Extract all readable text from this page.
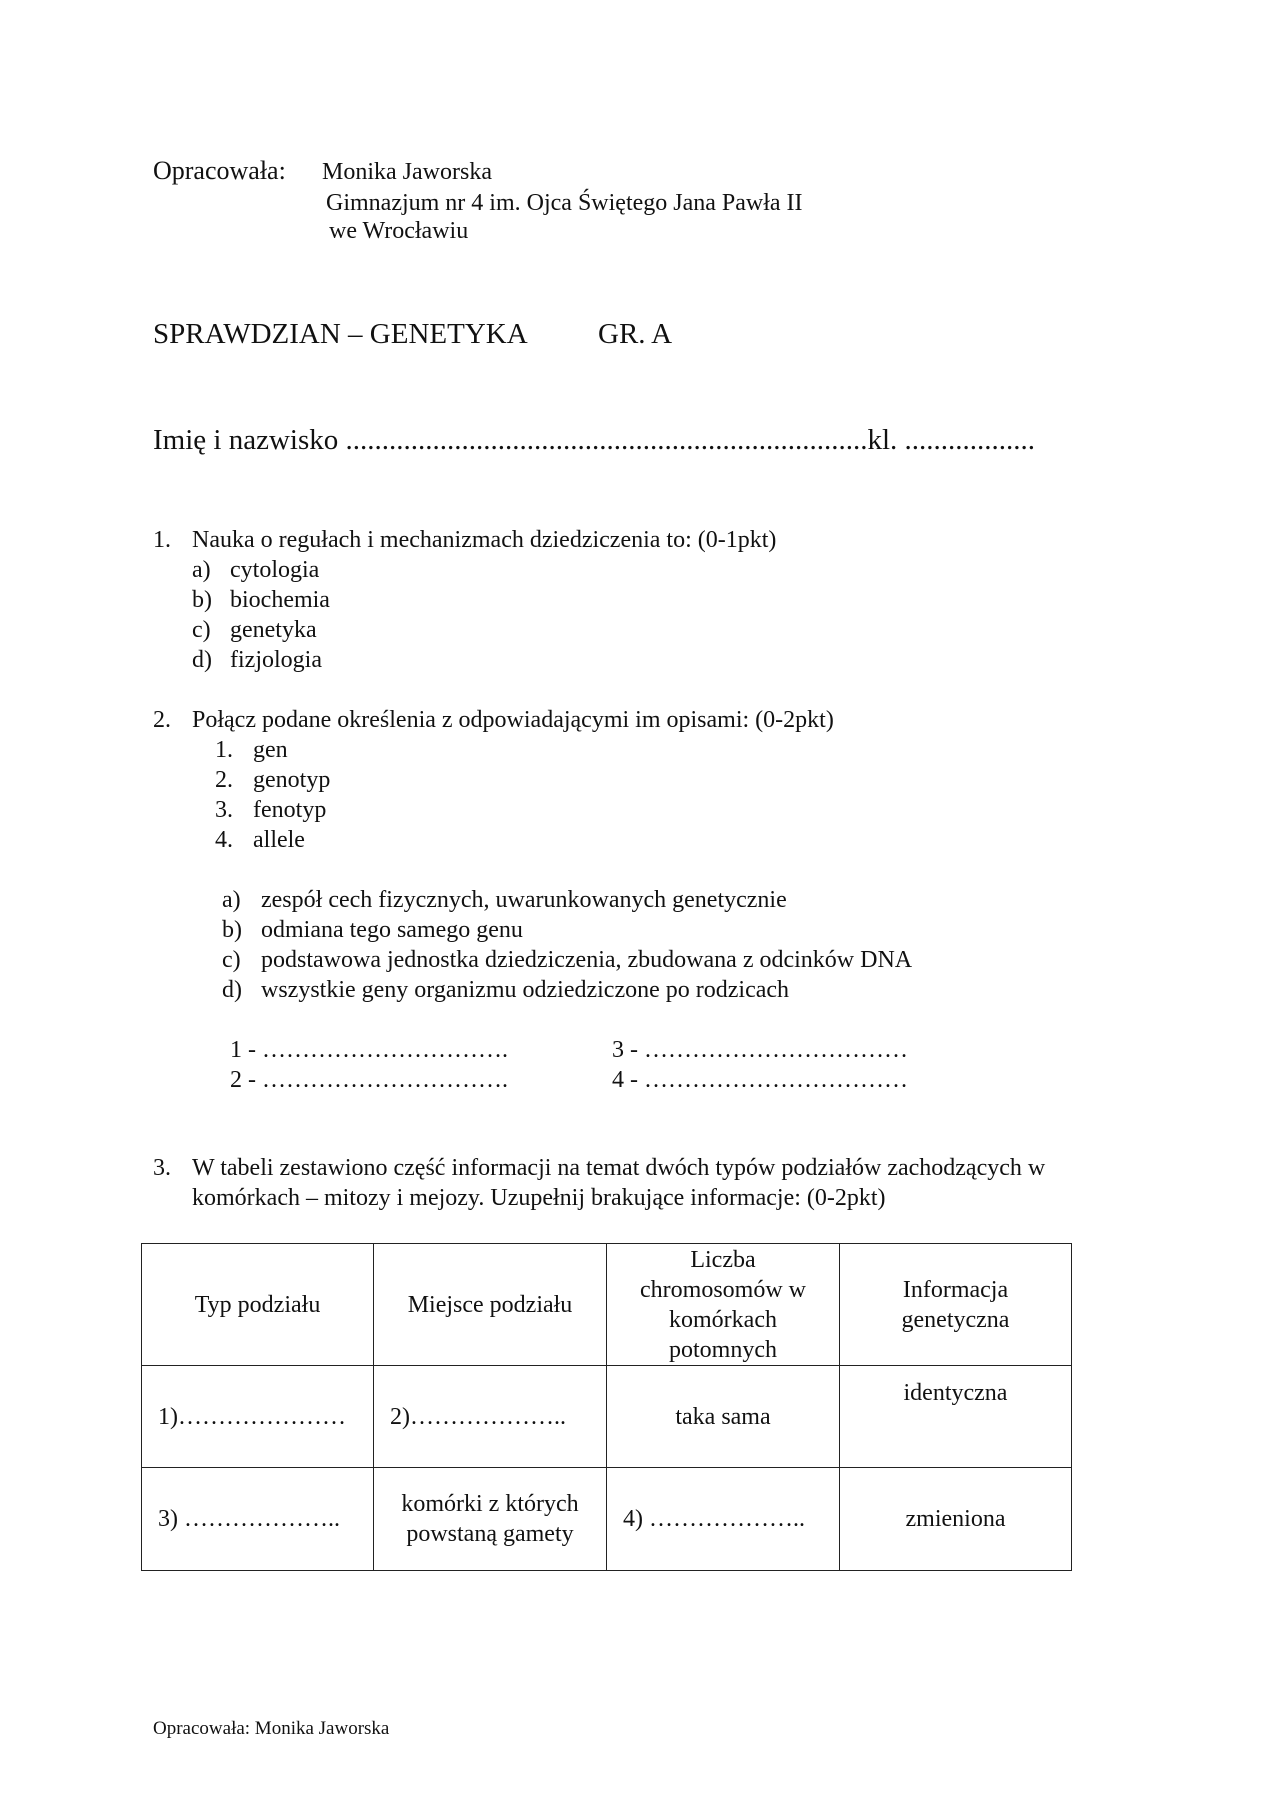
Opracowała: Monika Jaworska
Gimnazjum nr 4 im. Ojca Świętego Jana Pawła II
we Wrocławiu
SPRAWDZIAN – GENETYKA GR. A
Imię i nazwisko ........................................................................kl. ..................
1. Nauka o regułach i mechanizmach dziedziczenia to: (0-1pkt)
a) cytologia
b) biochemia
c) genetyka
d) fizjologia
2. Połącz podane określenia z odpowiadającymi im opisami: (0-2pkt)
1. gen
2. genotyp
3. fenotyp
4. allele
a) zespół cech fizycznych, uwarunkowanych genetycznie
b) odmiana tego samego genu
c) podstawowa jednostka dziedziczenia, zbudowana z odcinków DNA
d) wszystkie geny organizmu odziedziczone po rodzicach
1 - ………………………….
2 - ………………………….
3 - ……………………………
4 - ……………………………
3. W tabeli zestawiono część informacji na temat dwóch typów podziałów zachodzących w
komórkach – mitozy i mejozy. Uzupełnij brakujące informacje: (0-2pkt)
Typ podziału	Miejsce podziału	Liczba chromosomów w komórkach potomnych	Informacja genetyczna
1)…………………	2)………………..	taka sama	identyczna
3) ………………..	komórki z których powstaną gamety	4) ………………..	zmieniona
Opracowała: Monika Jaworska
